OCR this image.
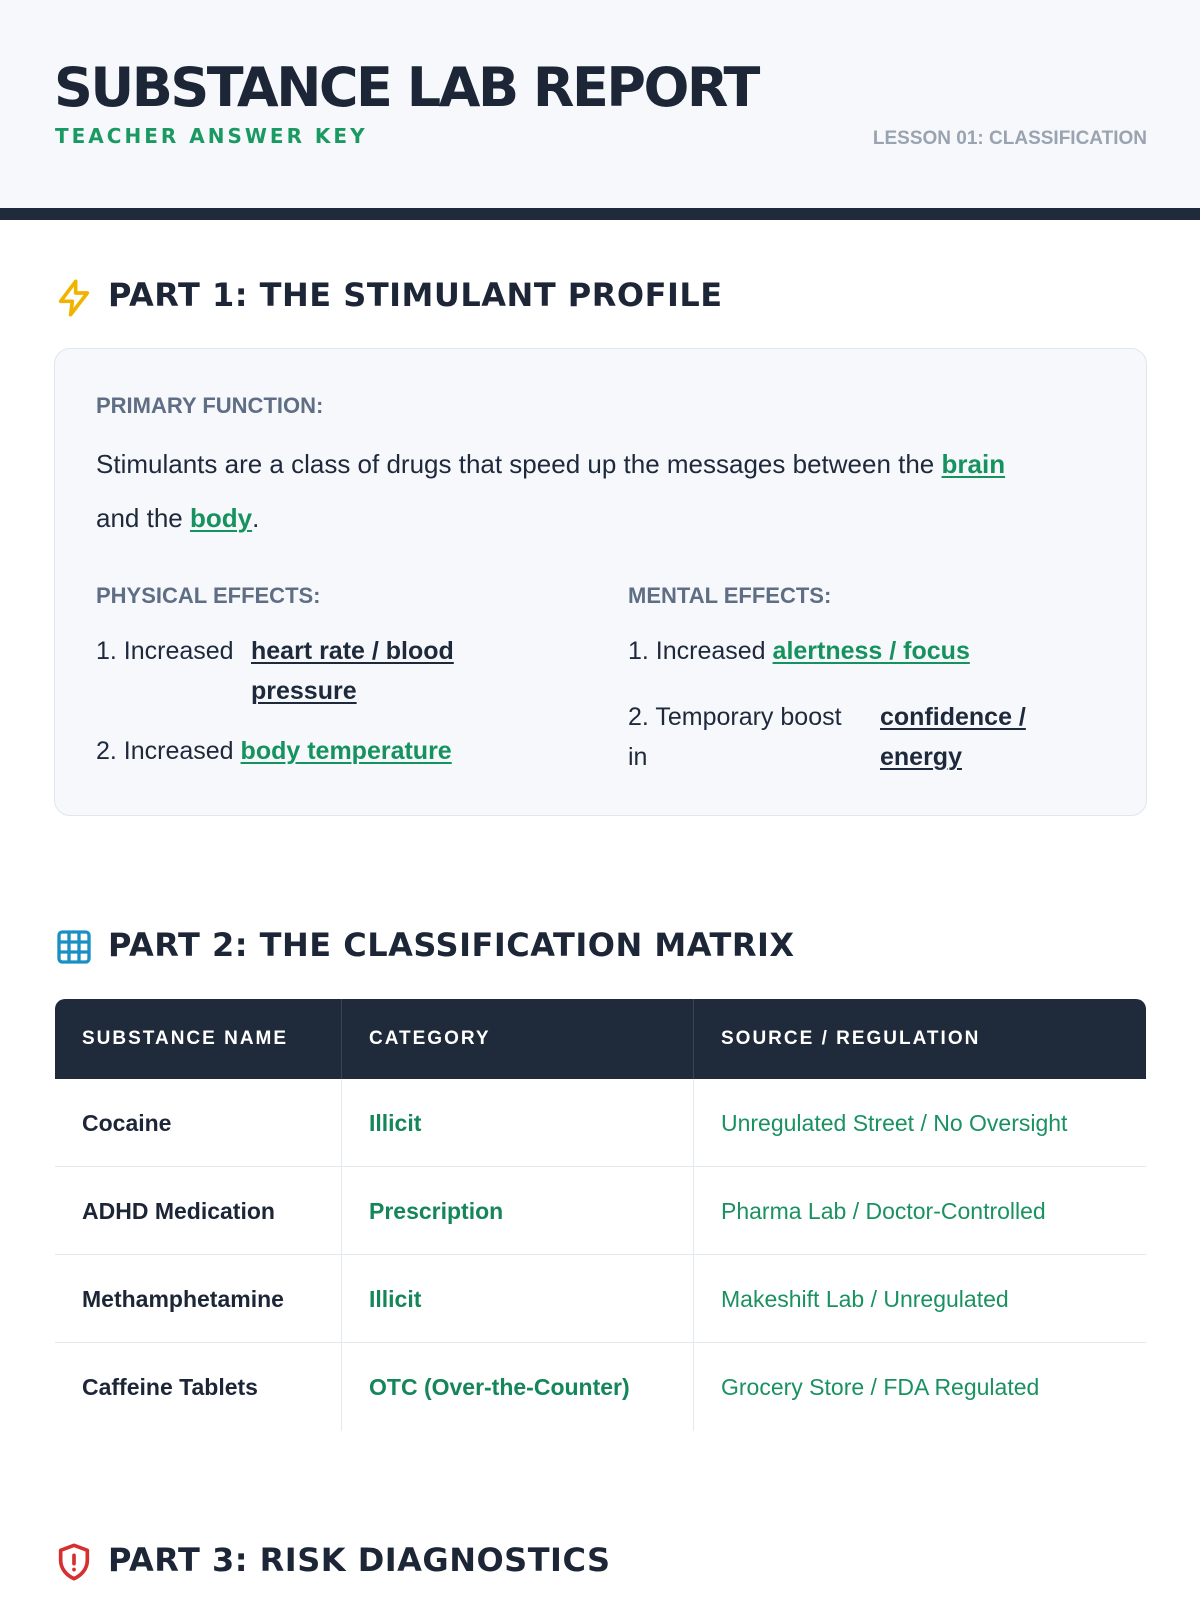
SUBSTANCE LAB REPORT
TEACHER ANSWER KEY	LESSON 01: CLASSIFICATION
PART 1: THE STIMULANT PROFILE
PRIMARY FUNCTION:
Stimulants are a class of drugs that speed up the messages between the brain
and the body.
PHYSICAL EFFECTS:
1. Increased heart rate / blood pressure
2. Increased body temperature
MENTAL EFFECTS:
1. Increased alertness / focus
2. Temporary boost in
confidence / energy
PART 2: THE CLASSIFICATION MATRIX
SUBSTANCE NAME	CATEGORY	SOURCE / REGULATION
Cocaine	Illicit	Unregulated Street / No Oversight
ADHD Medication	Prescription	Pharma Lab / Doctor-Controlled
Methamphetamine	Illicit	Makeshift Lab / Unregulated
Caffeine Tablets	OTC (Over-the-Counter)	Grocery Store / FDA Regulated
PART 3: RISK DIAGNOSTICS
